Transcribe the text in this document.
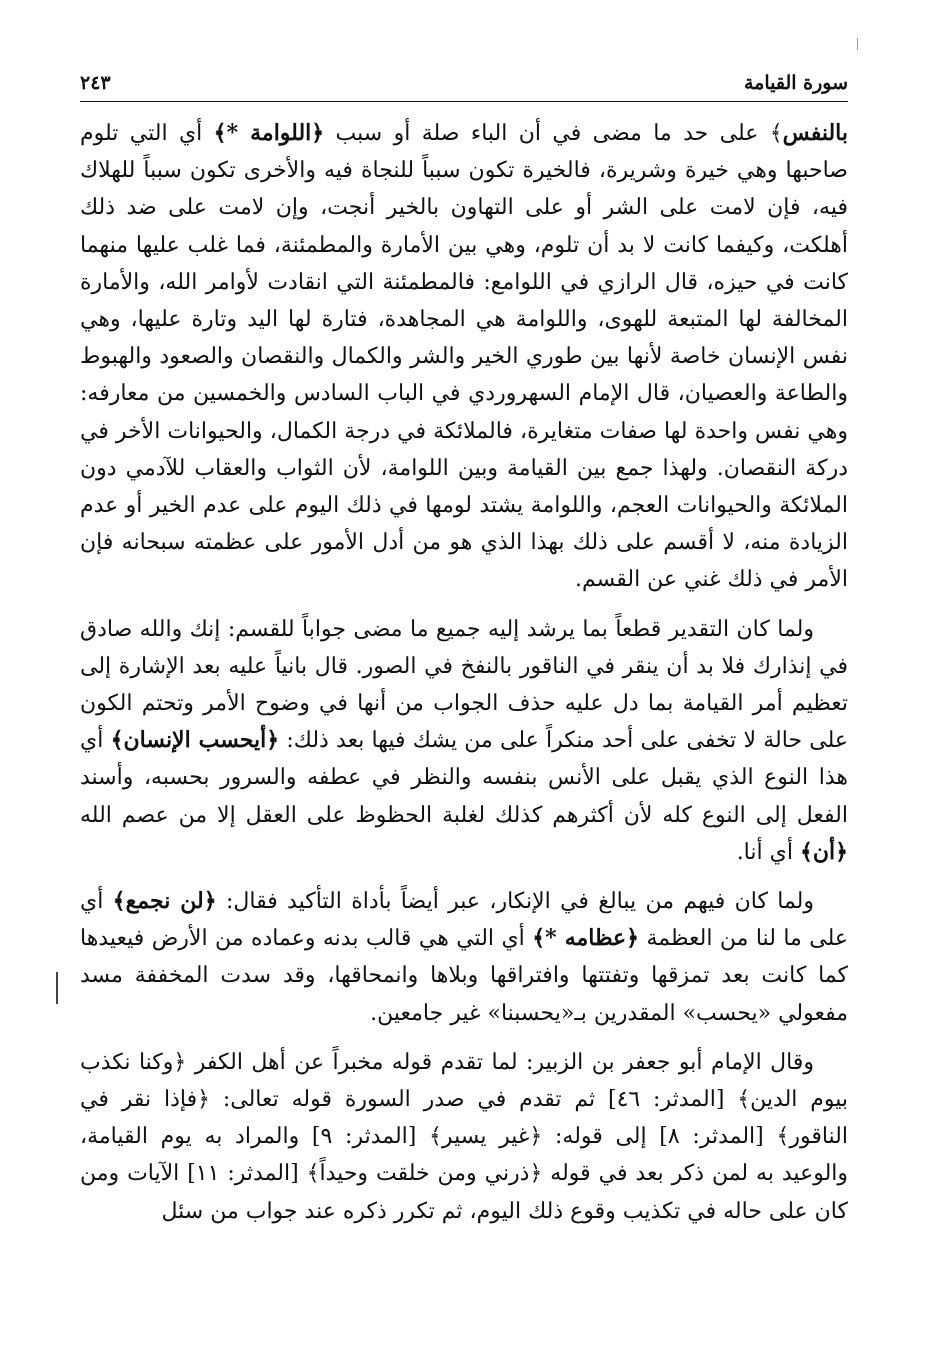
سورة القيامة
٢٤٣

بالنفس﴾ على حد ما مضى في أن الباء صلة أو سبب ﴿اللوامة *﴾ أي التي تلوم صاحبها وهي خيرة وشريرة، فالخيرة تكون سبباً للنجاة فيه والأخرى تكون سبباً للهلاك فيه، فإن لامت على الشر أو على التهاون بالخير أنجت، وإن لامت على ضد ذلك أهلكت، وكيفما كانت لا بد أن تلوم، وهي بين الأمارة والمطمئنة، فما غلب عليها منهما كانت في حيزه، قال الرازي في اللوامع: فالمطمئنة التي انقادت لأوامر الله، والأمارة المخالفة لها المتبعة للهوى، واللوامة هي المجاهدة، فتارة لها اليد وتارة عليها، وهي نفس الإنسان خاصة لأنها بين طوري الخير والشر والكمال والنقصان والصعود والهبوط والطاعة والعصيان، قال الإمام السهروردي في الباب السادس والخمسين من معارفه: وهي نفس واحدة لها صفات متغايرة، فالملائكة في درجة الكمال، والحيوانات الأخر في دركة النقصان. ولهذا جمع بين القيامة وبين اللوامة، لأن الثواب والعقاب للآدمي دون الملائكة والحيوانات العجم، واللوامة يشتد لومها في ذلك اليوم على عدم الخير أو عدم الزيادة منه، لا أقسم على ذلك بهذا الذي هو من أدل الأمور على عظمته سبحانه فإن الأمر في ذلك غني عن القسم.

ولما كان التقدير قطعاً بما يرشد إليه جميع ما مضى جواباً للقسم: إنك والله صادق في إنذارك فلا بد أن ينقر في الناقور بالنفخ في الصور. قال بانياً عليه بعد الإشارة إلى تعظيم أمر القيامة بما دل عليه حذف الجواب من أنها في وضوح الأمر وتحتم الكون على حالة لا تخفى على أحد منكراً على من يشك فيها بعد ذلك: ﴿أيحسب الإنسان﴾ أي هذا النوع الذي يقبل على الأنس بنفسه والنظر في عطفه والسرور بحسبه، وأسند الفعل إلى النوع كله لأن أكثرهم كذلك لغلبة الحظوظ على العقل إلا من عصم الله ﴿أن﴾ أي أنا.

ولما كان فيهم من يبالغ في الإنكار، عبر أيضاً بأداة التأكيد فقال: ﴿لن نجمع﴾ أي على ما لنا من العظمة ﴿عظامه *﴾ أي التي هي قالب بدنه وعماده من الأرض فيعيدها كما كانت بعد تمزقها وتفتتها وافتراقها وبلاها وانمحاقها، وقد سدت المخففة مسد مفعولي «يحسب» المقدرين بـ«يحسبنا» غير جامعين.

وقال الإمام أبو جعفر بن الزبير: لما تقدم قوله مخبراً عن أهل الكفر ﴿وكنا نكذب بيوم الدين﴾ [المدثر: ٤٦] ثم تقدم في صدر السورة قوله تعالى: ﴿فإذا نقر في الناقور﴾ [المدثر: ٨] إلى قوله: ﴿غير يسير﴾ [المدثر: ٩] والمراد به يوم القيامة، والوعيد به لمن ذكر بعد في قوله ﴿ذرني ومن خلقت وحيداً﴾ [المدثر: ١١] الآيات ومن كان على حاله في تكذيب وقوع ذلك اليوم، ثم تكرر ذكره عند جواب من سئل
